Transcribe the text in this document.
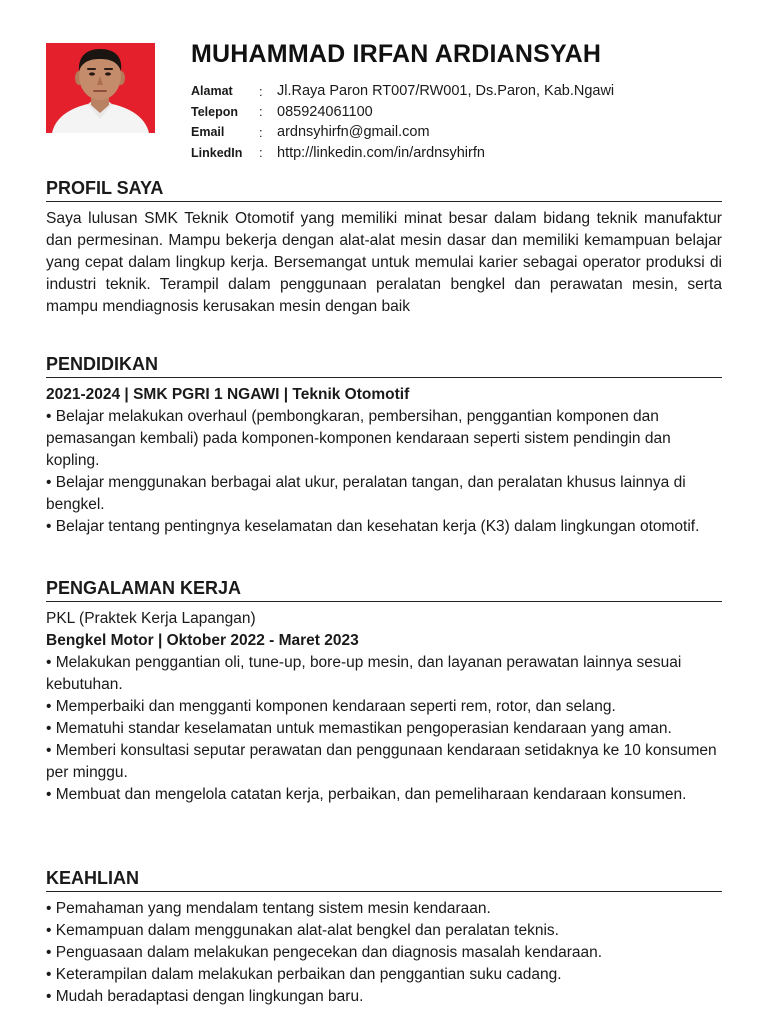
MUHAMMAD IRFAN ARDIANSYAH
Alamat	: Jl.Raya Paron RT007/RW001, Ds.Paron, Kab.Ngawi
Telepon	: 085924061100
Email	: ardnsyhirfn@gmail.com
LinkedIn	: http://linkedin.com/in/ardnsyhirfn
PROFIL SAYA

Saya lulusan SMK Teknik Otomotif yang memiliki minat besar dalam bidang teknik manufaktur dan permesinan. Mampu bekerja dengan alat-alat mesin dasar dan memiliki kemampuan belajar yang cepat dalam lingkup kerja. Bersemangat untuk memulai karier sebagai operator produksi di industri teknik. Terampil dalam penggunaan peralatan bengkel dan perawatan mesin, serta mampu mendiagnosis kerusakan mesin dengan baik

PENDIDIKAN
2021-2024 | SMK PGRI 1 NGAWI | Teknik Otomotif

• Belajar melakukan overhaul (pembongkaran, pembersihan, penggantian komponen dan pemasangan kembali) pada komponen-komponen kendaraan seperti sistem pendingin dan kopling.

• Belajar menggunakan berbagai alat ukur, peralatan tangan, dan peralatan khusus lainnya di bengkel.

• Belajar tentang pentingnya keselamatan dan kesehatan kerja (K3) dalam lingkungan otomotif.

PENGALAMAN KERJA
PKL (Praktek Kerja Lapangan)
Bengkel Motor | Oktober 2022 - Maret 2023

• Melakukan penggantian oli, tune-up, bore-up mesin, dan layanan perawatan lainnya sesuai kebutuhan.

• Memperbaiki dan mengganti komponen kendaraan seperti rem, rotor, dan selang.

• Mematuhi standar keselamatan untuk memastikan pengoperasian kendaraan yang aman.

• Memberi konsultasi seputar perawatan dan penggunaan kendaraan setidaknya ke 10 konsumen per minggu.

• Membuat dan mengelola catatan kerja, perbaikan, dan pemeliharaan kendaraan konsumen.

KEAHLIAN

• Pemahaman yang mendalam tentang sistem mesin kendaraan.

• Kemampuan dalam menggunakan alat-alat bengkel dan peralatan teknis.

• Penguasaan dalam melakukan pengecekan dan diagnosis masalah kendaraan.

• Keterampilan dalam melakukan perbaikan dan penggantian suku cadang.

• Mudah beradaptasi dengan lingkungan baru.
